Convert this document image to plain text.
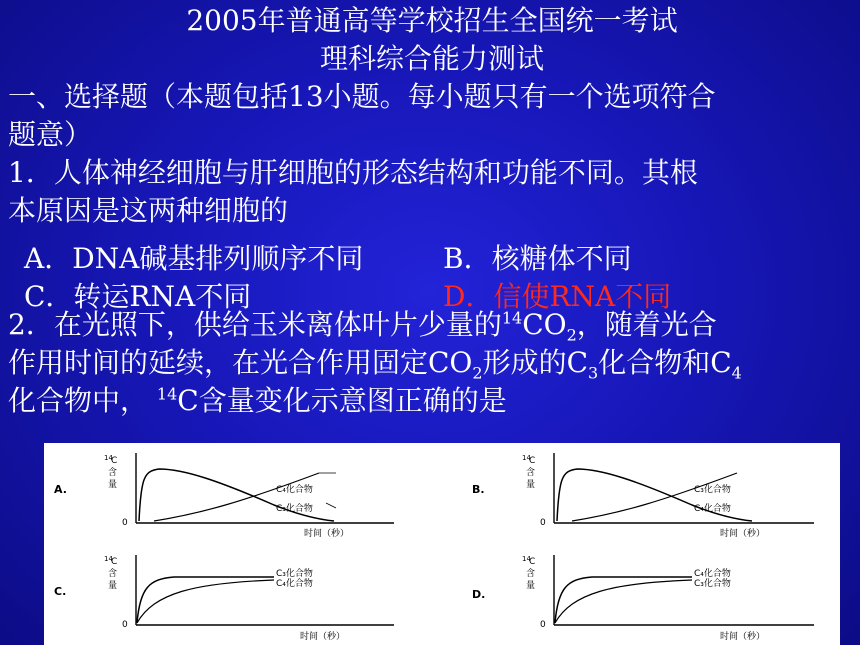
2005年普通高等学校招生全国统一考试
理科综合能力测试
一、选择题（本题包括13小题。每小题只有一个选项符合
题意）
1．人体神经细胞与肝细胞的形态结构和功能不同。其根
本原因是这两种细胞的
2．在光照下，供给玉米离体叶片少量的$^{14}CO_2$，随着光合
作用时间的延续，在光合作用固定$CO_2$形成的$C_3$化合物和$C_4$
化合物中， $^{14}$C含量变化示意图正确的是
A．DNA碱基排列顺序不同	B．核糖体不同
C．转运RNA不同	D．信使RNA不同
A.
14
C
含
量
0
C₄化合物
C₃化合物
时间（秒）
B.
14
C
含
量
0
C₃化合物
C₄化合物
时间（秒）
C.
14
C
含
量
0
C₃化合物
C₄化合物
时间（秒）
D.
14
C
含
量
0
C₄化合物
C₃化合物
时间（秒）
